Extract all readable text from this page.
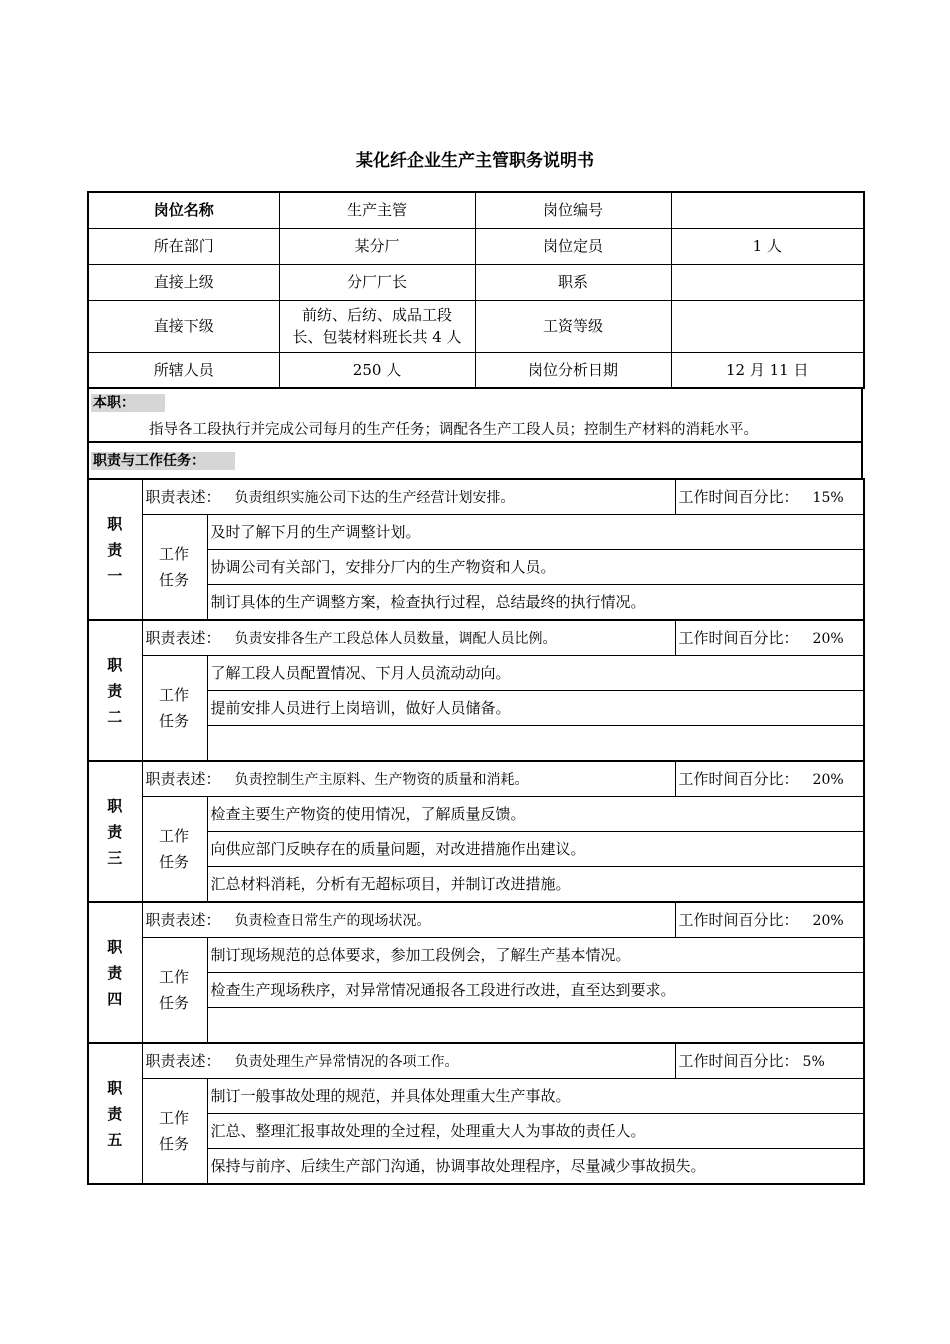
某化纤企业生产主管职务说明书
岗位名称	生产主管	岗位编号	
所在部门	某分厂	岗位定员	1 人
直接上级	分厂厂长	职系	
直接下级	前纺、后纺、成品工段长、包装材料班长共 4 人	工资等级	
所辖人员	250 人	岗位分析日期	12 月 11 日
本职：
指导各工段执行并完成公司每月的生产任务；调配各生产工段人员；控制生产材料的消耗水平。
职责与工作任务：
职责一	职责表述： 负责组织实施公司下达的生产经营计划安排。		工作时间百分比： 15%
	工作任务	及时了解下月的生产调整计划。	
		协调公司有关部门，安排分厂内的生产物资和人员。	
		制订具体的生产调整方案，检查执行过程，总结最终的执行情况。	
职责二	职责表述： 负责安排各生产工段总体人员数量，调配人员比例。		工作时间百分比： 20%
	工作任务	了解工段人员配置情况、下月人员流动动向。	
		提前安排人员进行上岗培训，做好人员储备。	

职责三	职责表述： 负责控制生产主原料、生产物资的质量和消耗。		工作时间百分比： 20%
	工作任务	检查主要生产物资的使用情况，了解质量反馈。	
		向供应部门反映存在的质量问题，对改进措施作出建议。	
		汇总材料消耗，分析有无超标项目，并制订改进措施。	
职责四	职责表述： 负责检查日常生产的现场状况。		工作时间百分比： 20%
	工作任务	制订现场规范的总体要求，参加工段例会，了解生产基本情况。	
		检查生产现场秩序，对异常情况通报各工段进行改进，直至达到要求。	

职责五	职责表述： 负责处理生产异常情况的各项工作。		工作时间百分比： 5%
	工作任务	制订一般事故处理的规范，并具体处理重大生产事故。	
		汇总、整理汇报事故处理的全过程，处理重大人为事故的责任人。	
		保持与前序、后续生产部门沟通，协调事故处理程序，尽量减少事故损失。	
